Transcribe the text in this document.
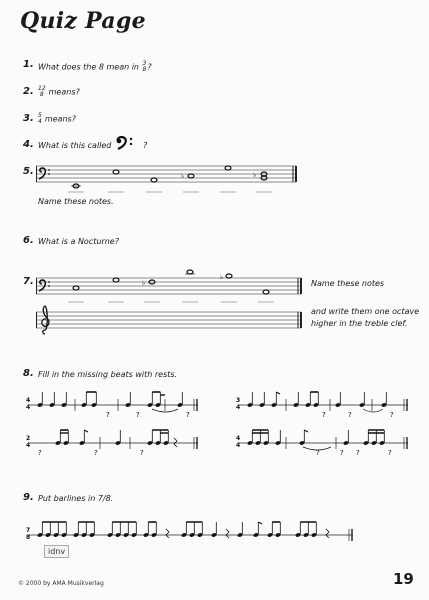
Quiz Page
1. What does the 8 mean in 3
8 ?
2. 12
8 means?
3. 5
4 means?
4. What is this called	?
5.	♭	♭
Name these notes.
6. What is a Nocturne?
7.	♭
♭
Name these notes
and write them one octave
higher in the treble clef.
8. Fill in the missing beats with rests.
4
4
?	?	?
3
4
?	?	?
2
4
?	?	?
4
4
?	? ?	?
9. Put barlines in 7/8.
7
8
idnv
© 2000 by AMA Musikverlag	19
